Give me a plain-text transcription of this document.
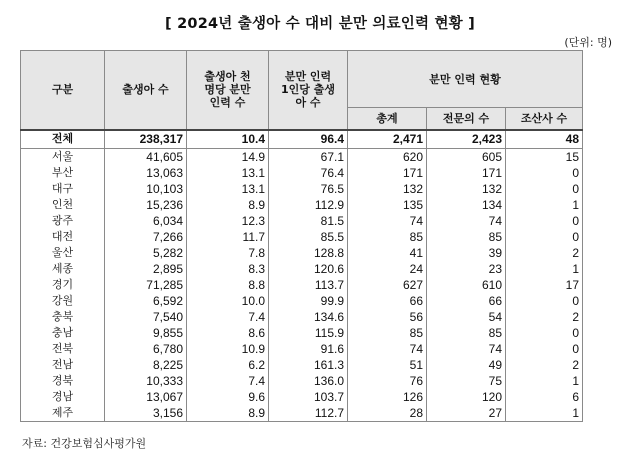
[ 2024년 출생아 수 대비 분만 의료인력 현황 ]
(단위: 명)
구분	출생아 수	출생아 천 명당 분만 인력 수	분만 인력 1인당 출생아 수	분만 인력 현황		
				총계	전문의 수	조산사 수
전체	238,317	10.4	96.4	2,471	2,423	48
서울	41,605	14.9	67.1	620	605	15
부산	13,063	13.1	76.4	171	171	0
대구	10,103	13.1	76.5	132	132	0
인천	15,236	8.9	112.9	135	134	1
광주	6,034	12.3	81.5	74	74	0
대전	7,266	11.7	85.5	85	85	0
울산	5,282	7.8	128.8	41	39	2
세종	2,895	8.3	120.6	24	23	1
경기	71,285	8.8	113.7	627	610	17
강원	6,592	10.0	99.9	66	66	0
충북	7,540	7.4	134.6	56	54	2
충남	9,855	8.6	115.9	85	85	0
전북	6,780	10.9	91.6	74	74	0
전남	8,225	6.2	161.3	51	49	2
경북	10,333	7.4	136.0	76	75	1
경남	13,067	9.6	103.7	126	120	6
제주	3,156	8.9	112.7	28	27	1
자료: 건강보험심사평가원
